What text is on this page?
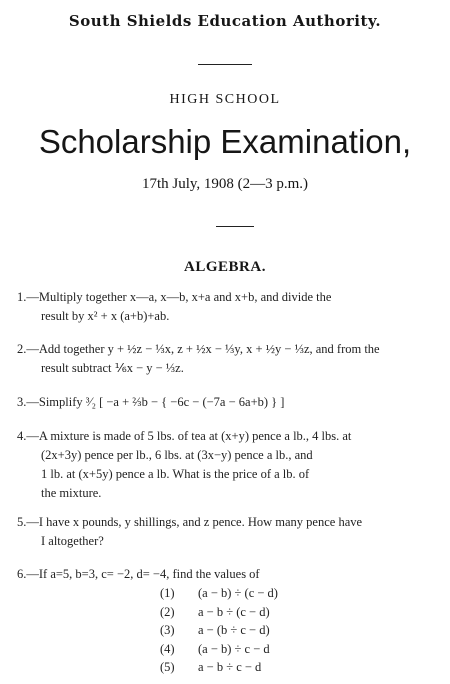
South Shields Education Authority.
HIGH SCHOOL
Scholarship Examination,
17th July, 1908 (2—3 p.m.)
ALGEBRA.
1.—Multiply together x—a, x—b, x+a and x+b, and divide the
result by x² + x (a+b)+ab.
2.—Add together y + ½z − ⅓x, z + ½x − ⅓y, x + ½y − ⅓z, and from the
result subtract ⅙x − y − ⅓z.
3.—Simplify ³⁄₂ [ −a + ⅔b − { −6c − (−7a − 6a+b) } ]
4.—A mixture is made of 5 lbs. of tea at (x+y) pence a lb., 4 lbs. at
(2x+3y) pence per lb., 6 lbs. at (3x−y) pence a lb., and
1 lb. at (x+5y) pence a lb. What is the price of a lb. of
the mixture.
5.—I have x pounds, y shillings, and z pence. How many pence have
I altogether?
6.—If a=5, b=3, c= −2, d= −4, find the values of
(1)	(a − b) ÷ (c − d)
(2)	a − b ÷ (c − d)
(3)	a − (b ÷ c − d)
(4)	(a − b) ÷ c − d
(5)	a − b ÷ c − d
